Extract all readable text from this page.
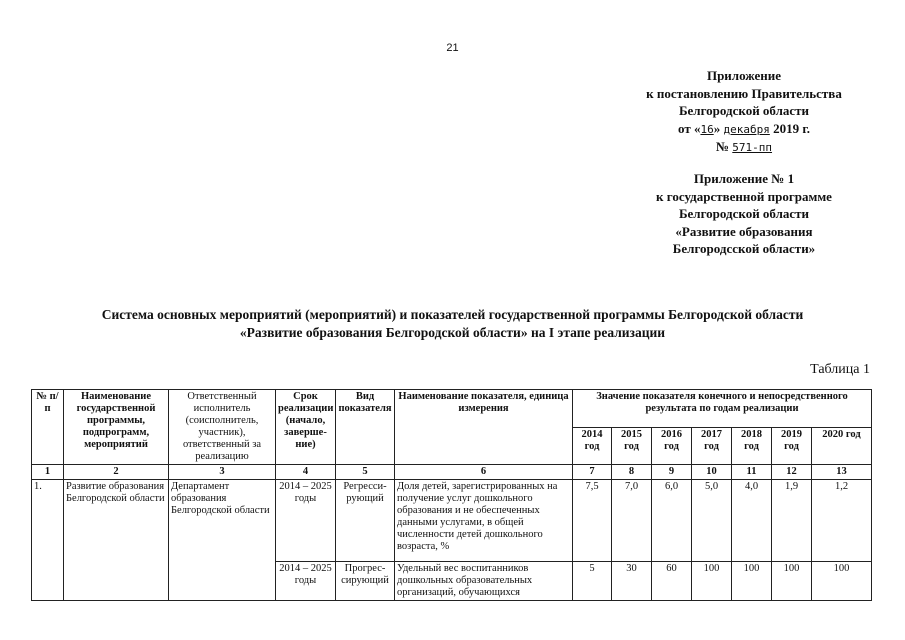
21
Приложение
к постановлению Правительства
Белгородской области
от «16» декабря 2019 г.
№ 571-пп
Приложение № 1
к государственной программе
Белгородской области
«Развитие образования
Белгородсской области»
Система основных мероприятий (мероприятий) и показателей государственной программы Белгородской области
«Развитие образования Белгородской области» на I этапе реализации
Таблица 1
№ п/п	Наименование государственной программы, подпрограмм, мероприятий	Ответственный исполнитель (соисполнитель, участник), ответственный за реализацию	Срок реализации (начало, заверше-ние)	Вид показателя	Наименование показателя, единица измерения	Значение показателя конечного и непосредственного результата по годам реализации						
						2014 год	2015 год	2016 год	2017 год	2018 год	2019 год	2020 год
1	2	3	4	5	6	7	8	9	10	11	12	13
1.	Развитие образования Белгородской области	Департамент образования Белгородской области	2014 – 2025 годы	Регресси-рующий	Доля детей, зарегистрированных на получение услуг дошкольного образования и не обеспеченных данными услугами, в общей численности детей дошкольного возраста, %	7,5	7,0	6,0	5,0	4,0	1,9	1,2
			2014 – 2025 годы	Прогрес-сирующий	Удельный вес воспитанников дошкольных образовательных организаций, обучающихся	5	30	60	100	100	100	100
